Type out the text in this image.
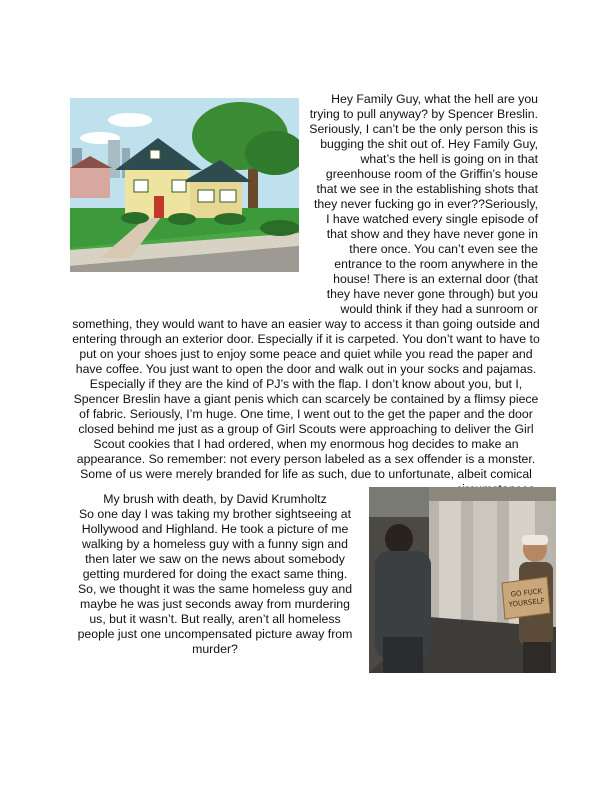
Hey Family Guy, what the hell are you
trying to pull anyway? by Spencer Breslin.
Seriously, I can’t be the only person this is
bugging the shit out of. Hey Family Guy,
what’s the hell is going on in that
greenhouse room of the Griffin’s house
that we see in the establishing shots that
they never fucking go in ever??Seriously,
I have watched every single episode of
that show and they have never gone in
there once. You can’t even see the
entrance to the room anywhere in the
house! There is an external door (that
they have never gone through) but you
would think if they had a sunroom or
something, they would want to have an easier way to access it than going outside and
entering through an exterior door. Especially if it is carpeted. You don’t want to have to
put on your shoes just to enjoy some peace and quiet while you read the paper and
have coffee. You just want to open the door and walk out in your socks and pajamas.
Especially if they are the kind of PJ’s with the flap. I don’t know about you, but I,
Spencer Breslin have a giant penis which can scarcely be contained by a flimsy piece
of fabric. Seriously, I’m huge. One time, I went out to the get the paper and the door
closed behind me just as a group of Girl Scouts were approaching to deliver the Girl
Scout cookies that I had ordered, when my enormous hog decides to make an
appearance. So remember: not every person labeled as a sex offender is a monster.
Some of us were merely branded for life as such, due to unfortunate, albeit comical
My brush with death, by David Krumholtz
So one day I was taking my brother sightseeing at
Hollywood and Highland. He took a picture of me
walking by a homeless guy with a funny sign and
then later we saw on the news about somebody
getting murdered for doing the exact same thing.
So, we thought it was the same homeless guy and
maybe he was just seconds away from murdering
us, but it wasn’t. But really, aren’t all homeless
people just one uncompensated picture away from
murder?
GO FUCK
YOURSELF
